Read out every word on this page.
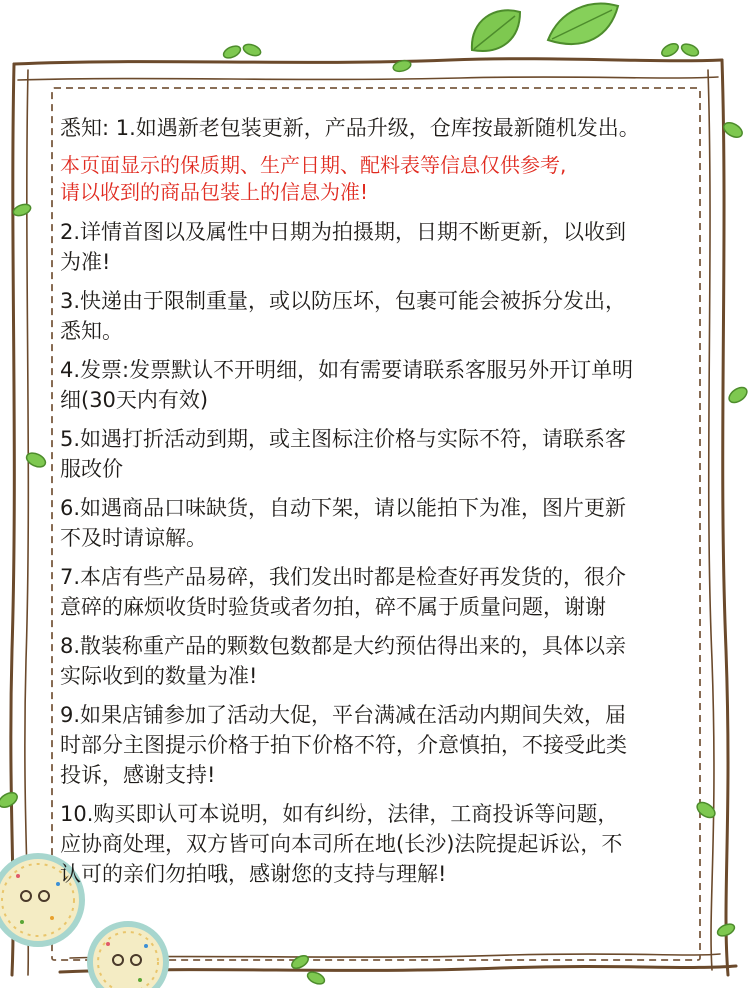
悉知: 1.如遇新老包装更新，产品升级，仓库按最新随机发出。

本页面显示的保质期、生产日期、配料表等信息仅供参考,
请以收到的商品包装上的信息为准!

2.详情首图以及属性中日期为拍摄期，日期不断更新，以收到
为准!

3.快递由于限制重量，或以防压坏，包裹可能会被拆分发出，
悉知。

4.发票:发票默认不开明细，如有需要请联系客服另外开订单明
细(30天内有效)

5.如遇打折活动到期，或主图标注价格与实际不符，请联系客
服改价

6.如遇商品口味缺货，自动下架，请以能拍下为准，图片更新
不及时请谅解。

7.本店有些产品易碎，我们发出时都是检查好再发货的，很介
意碎的麻烦收货时验货或者勿拍，碎不属于质量问题，谢谢

8.散装称重产品的颗数包数都是大约预估得出来的，具体以亲
实际收到的数量为准!

9.如果店铺参加了活动大促，平台满减在活动内期间失效，届
时部分主图提示价格于拍下价格不符，介意慎拍，不接受此类
投诉，感谢支持!

10.购买即认可本说明，如有纠纷，法律，工商投诉等问题，
应协商处理，双方皆可向本司所在地(长沙)法院提起诉讼，不
认可的亲们勿拍哦，感谢您的支持与理解!
